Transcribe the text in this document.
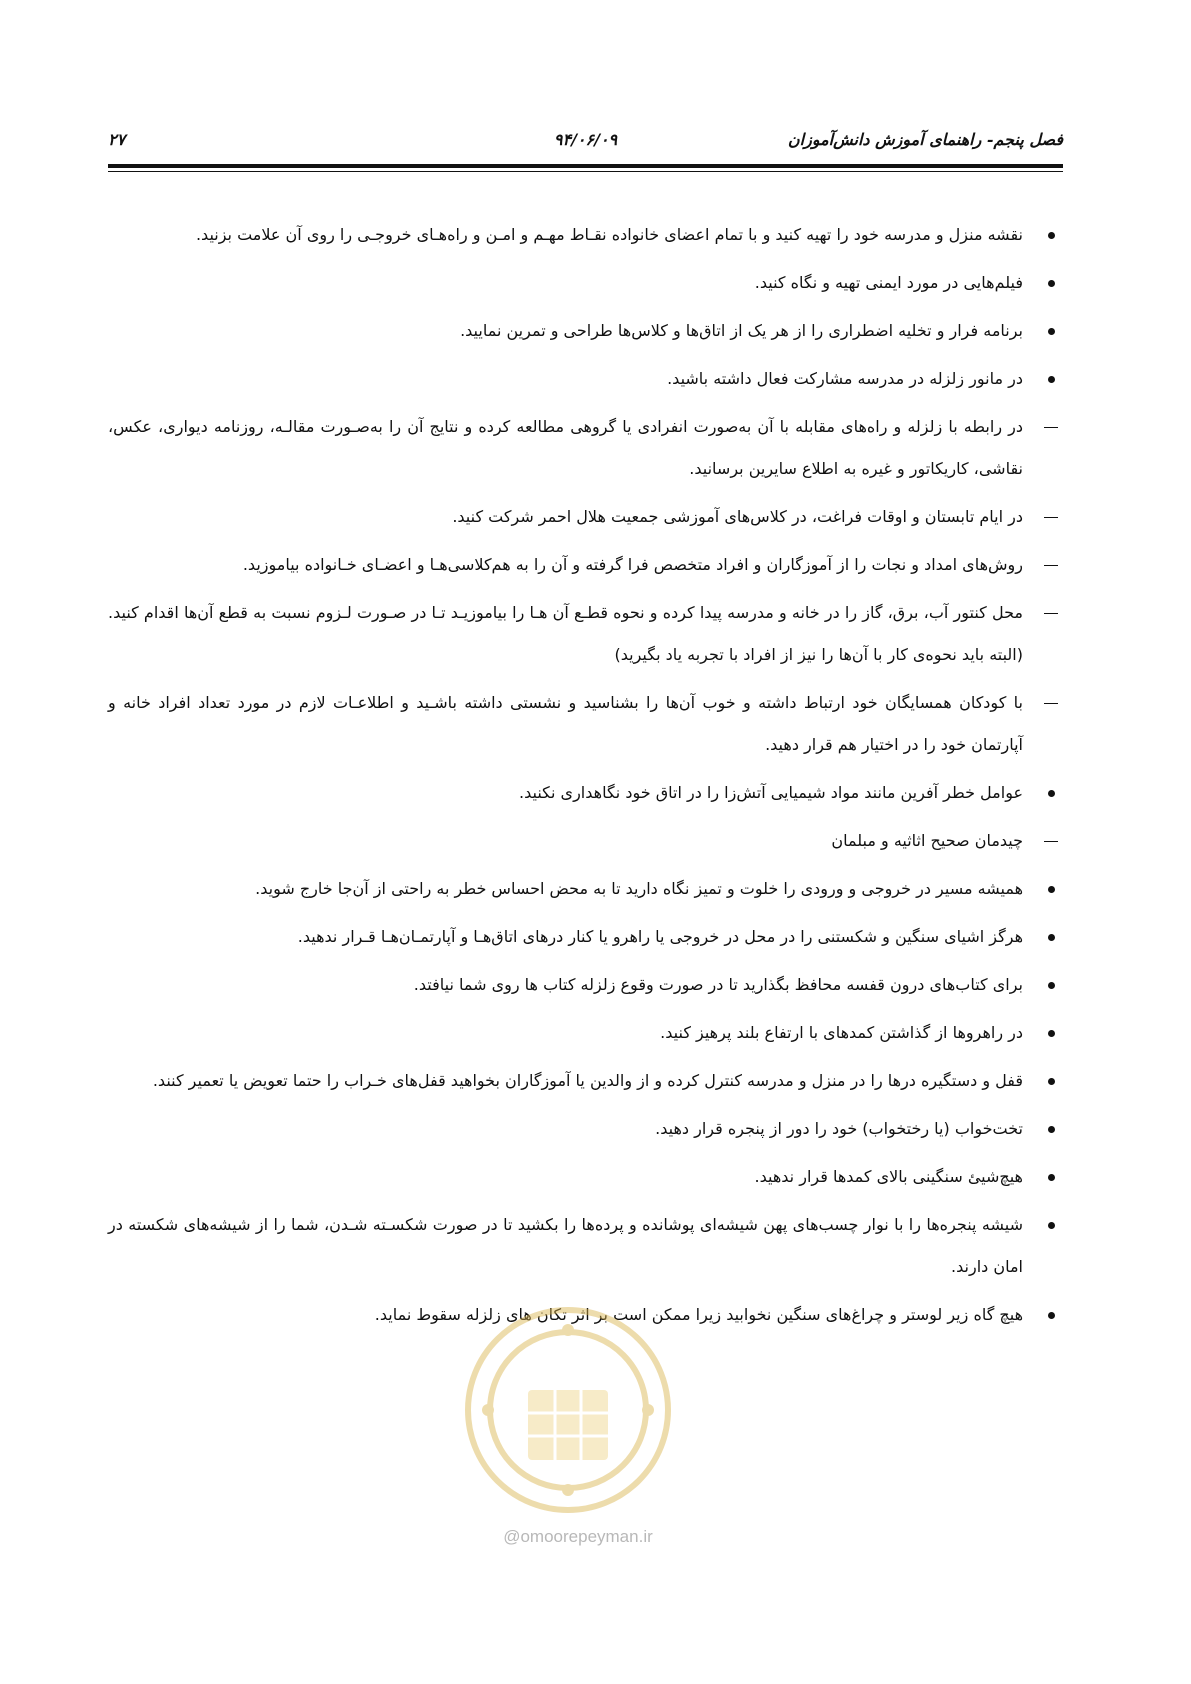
فصل پنجم- راهنمای آموزش دانش‌آموزان
۹۴/۰۶/۰۹
۲۷
نقشه منزل و مدرسه خود را تهیه کنید و با تمام اعضای خانواده نقـاط مهـم و امـن و راه‌هـای خروجـی را روی آن علامت بزنید.
فیلم‌هایی در مورد ایمنی تهیه و نگاه کنید.
برنامه فرار و تخلیه اضطراری را از هر یک از اتاق‌ها و کلاس‌ها طراحی و تمرین نمایید.
در مانور زلزله در مدرسه مشارکت فعال داشته باشید.
در رابطه با زلزله و راه‌های مقابله با آن به‌صورت انفرادی یا گروهی مطالعه کرده و نتایج آن را به‌صـورت مقالـه، روزنامه دیواری، عکس، نقاشی، کاریکاتور و غیره به اطلاع سایرین برسانید.
در ایام تابستان و اوقات فراغت، در کلاس‌های آموزشی جمعیت هلال احمر شرکت کنید.
روش‌های امداد و نجات را از آموزگاران و افراد متخصص فرا گرفته و آن را به هم‌کلاسی‌هـا و اعضـای خـانواده بیاموزید.
محل کنتور آب، برق، گاز را در خانه و مدرسه پیدا کرده و نحوه قطـع آن هـا را بیاموزیـد تـا در صـورت لـزوم نسبت به قطع آن‌ها اقدام کنید. (البته باید نحوه‌ی کار با آن‌ها را نیز از افراد با تجربه یاد بگیرید)
با کودکان همسایگان خود ارتباط داشته و خوب آن‌ها را بشناسید و نشستی داشته باشـید و اطلاعـات لازم در مورد تعداد افراد خانه و آپارتمان خود را در اختیار هم قرار دهید.
عوامل خطر آفرین مانند مواد شیمیایی آتش‌زا را در اتاق خود نگاهداری نکنید.
چیدمان صحیح اثاثیه و مبلمان
همیشه مسیر در خروجی و ورودی را خلوت و تمیز نگاه دارید تا به محض احساس خطر به راحتی از آن‌جا خارج شوید.
هرگز اشیای سنگین و شکستنی را در محل در خروجی یا راهرو یا کنار درهای اتاق‌هـا و آپارتمـان‌هـا قـرار ندهید.
برای کتاب‌های درون قفسه محافظ بگذارید تا در صورت وقوع زلزله کتاب ها روی شما نیافتد.
در راهروها از گذاشتن کمدهای با ارتفاع بلند پرهیز کنید.
قفل و دستگیره درها را در منزل و مدرسه کنترل کرده و از والدین یا آموزگاران بخواهید قفل‌های خـراب را حتما تعویض یا تعمیر کنند.
تخت‌خواب (یا رختخواب) خود را دور از پنجره قرار دهید.
هیچ‌شیئ سنگینی بالای کمدها قرار ندهید.
شیشه پنجره‌ها را با نوار چسب‌های پهن شیشه‌ای پوشانده و پرده‌ها را بکشید تا در صورت شکسـته شـدن، شما را از شیشه‌های شکسته در امان دارند.
هیچ گاه زیر لوستر و چراغ‌های سنگین نخوابید زیرا ممکن است بر اثر تکان های زلزله سقوط نماید.
@omoorepeyman.ir
